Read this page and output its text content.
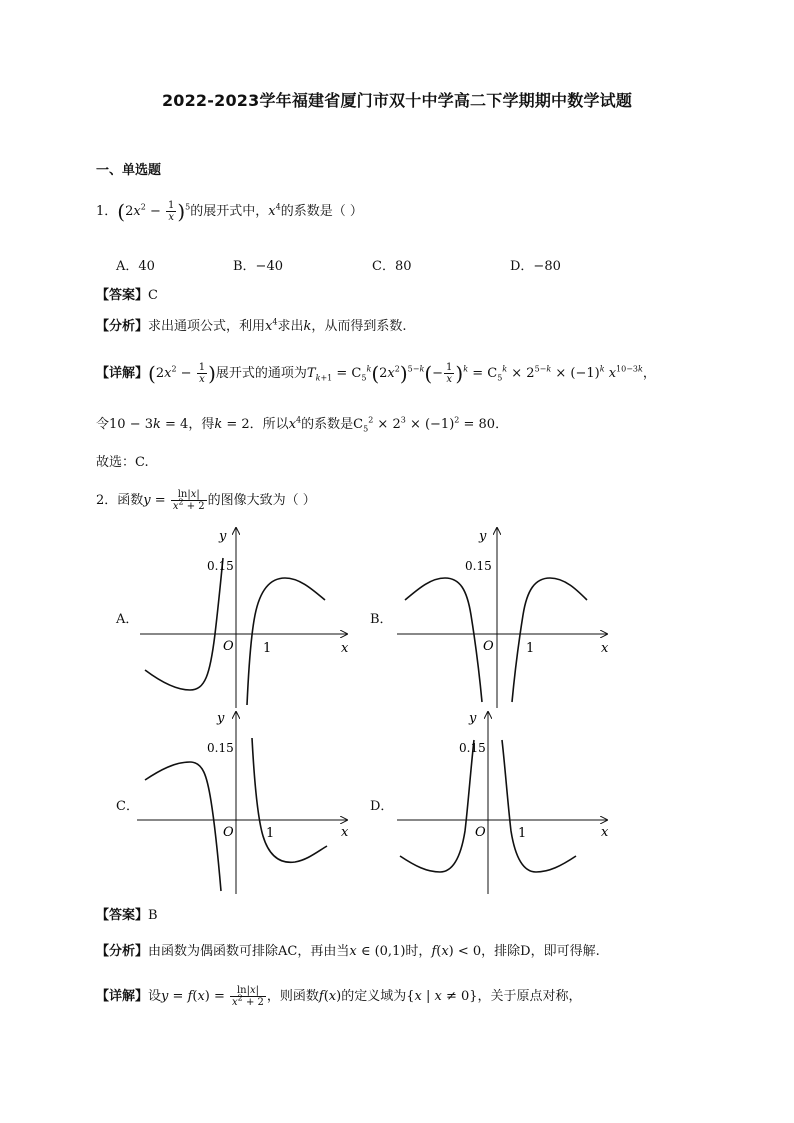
2022-2023学年福建省厦门市双十中学高二下学期期中数学试题
一、单选题
1．$(2x^2 - \frac{1}{x} )^5$的展开式中，$x^4$的系数是（ ）
A．40	B．−40	C．80	D．−80
【答案】C
【分析】求出通项公式，利用$x^4$求出k，从而得到系数.
【详解】($2x^2 - \frac{1}{x}$ )展开式的通项为$T_{k+1} = C_5^k(2x^2)^{5-k}(- \frac{1}{x} )^k = C_5^k \times 2^{5-k} \times (-1)^k$ $x^{10-3k}$，
令10 − 3k = 4，得k = 2．所以$x^4$的系数是$C_5^2 \times 2^3 \times (-1)^2 = 80$．
故选：C.
2．函数$y = \frac{\ln|x|}{x^2 + 2}$ 的图像大致为（ ）
A．	B．
C．	D．
0.15
O 1	x
y
0.15
O 1	x
y
0.15
O 1	x
y
0.15
O 1	x
y
【答案】B
【分析】由函数为偶函数可排除AC，再由当x ∈ (0,1)时，f(x) < 0，排除D，即可得解.
【详解】设$y = f(x) = \frac{\ln|x|}{x^2 + 2}$ ，则函数f(x)的定义域为{x | x ≠ 0}，关于原点对称，
